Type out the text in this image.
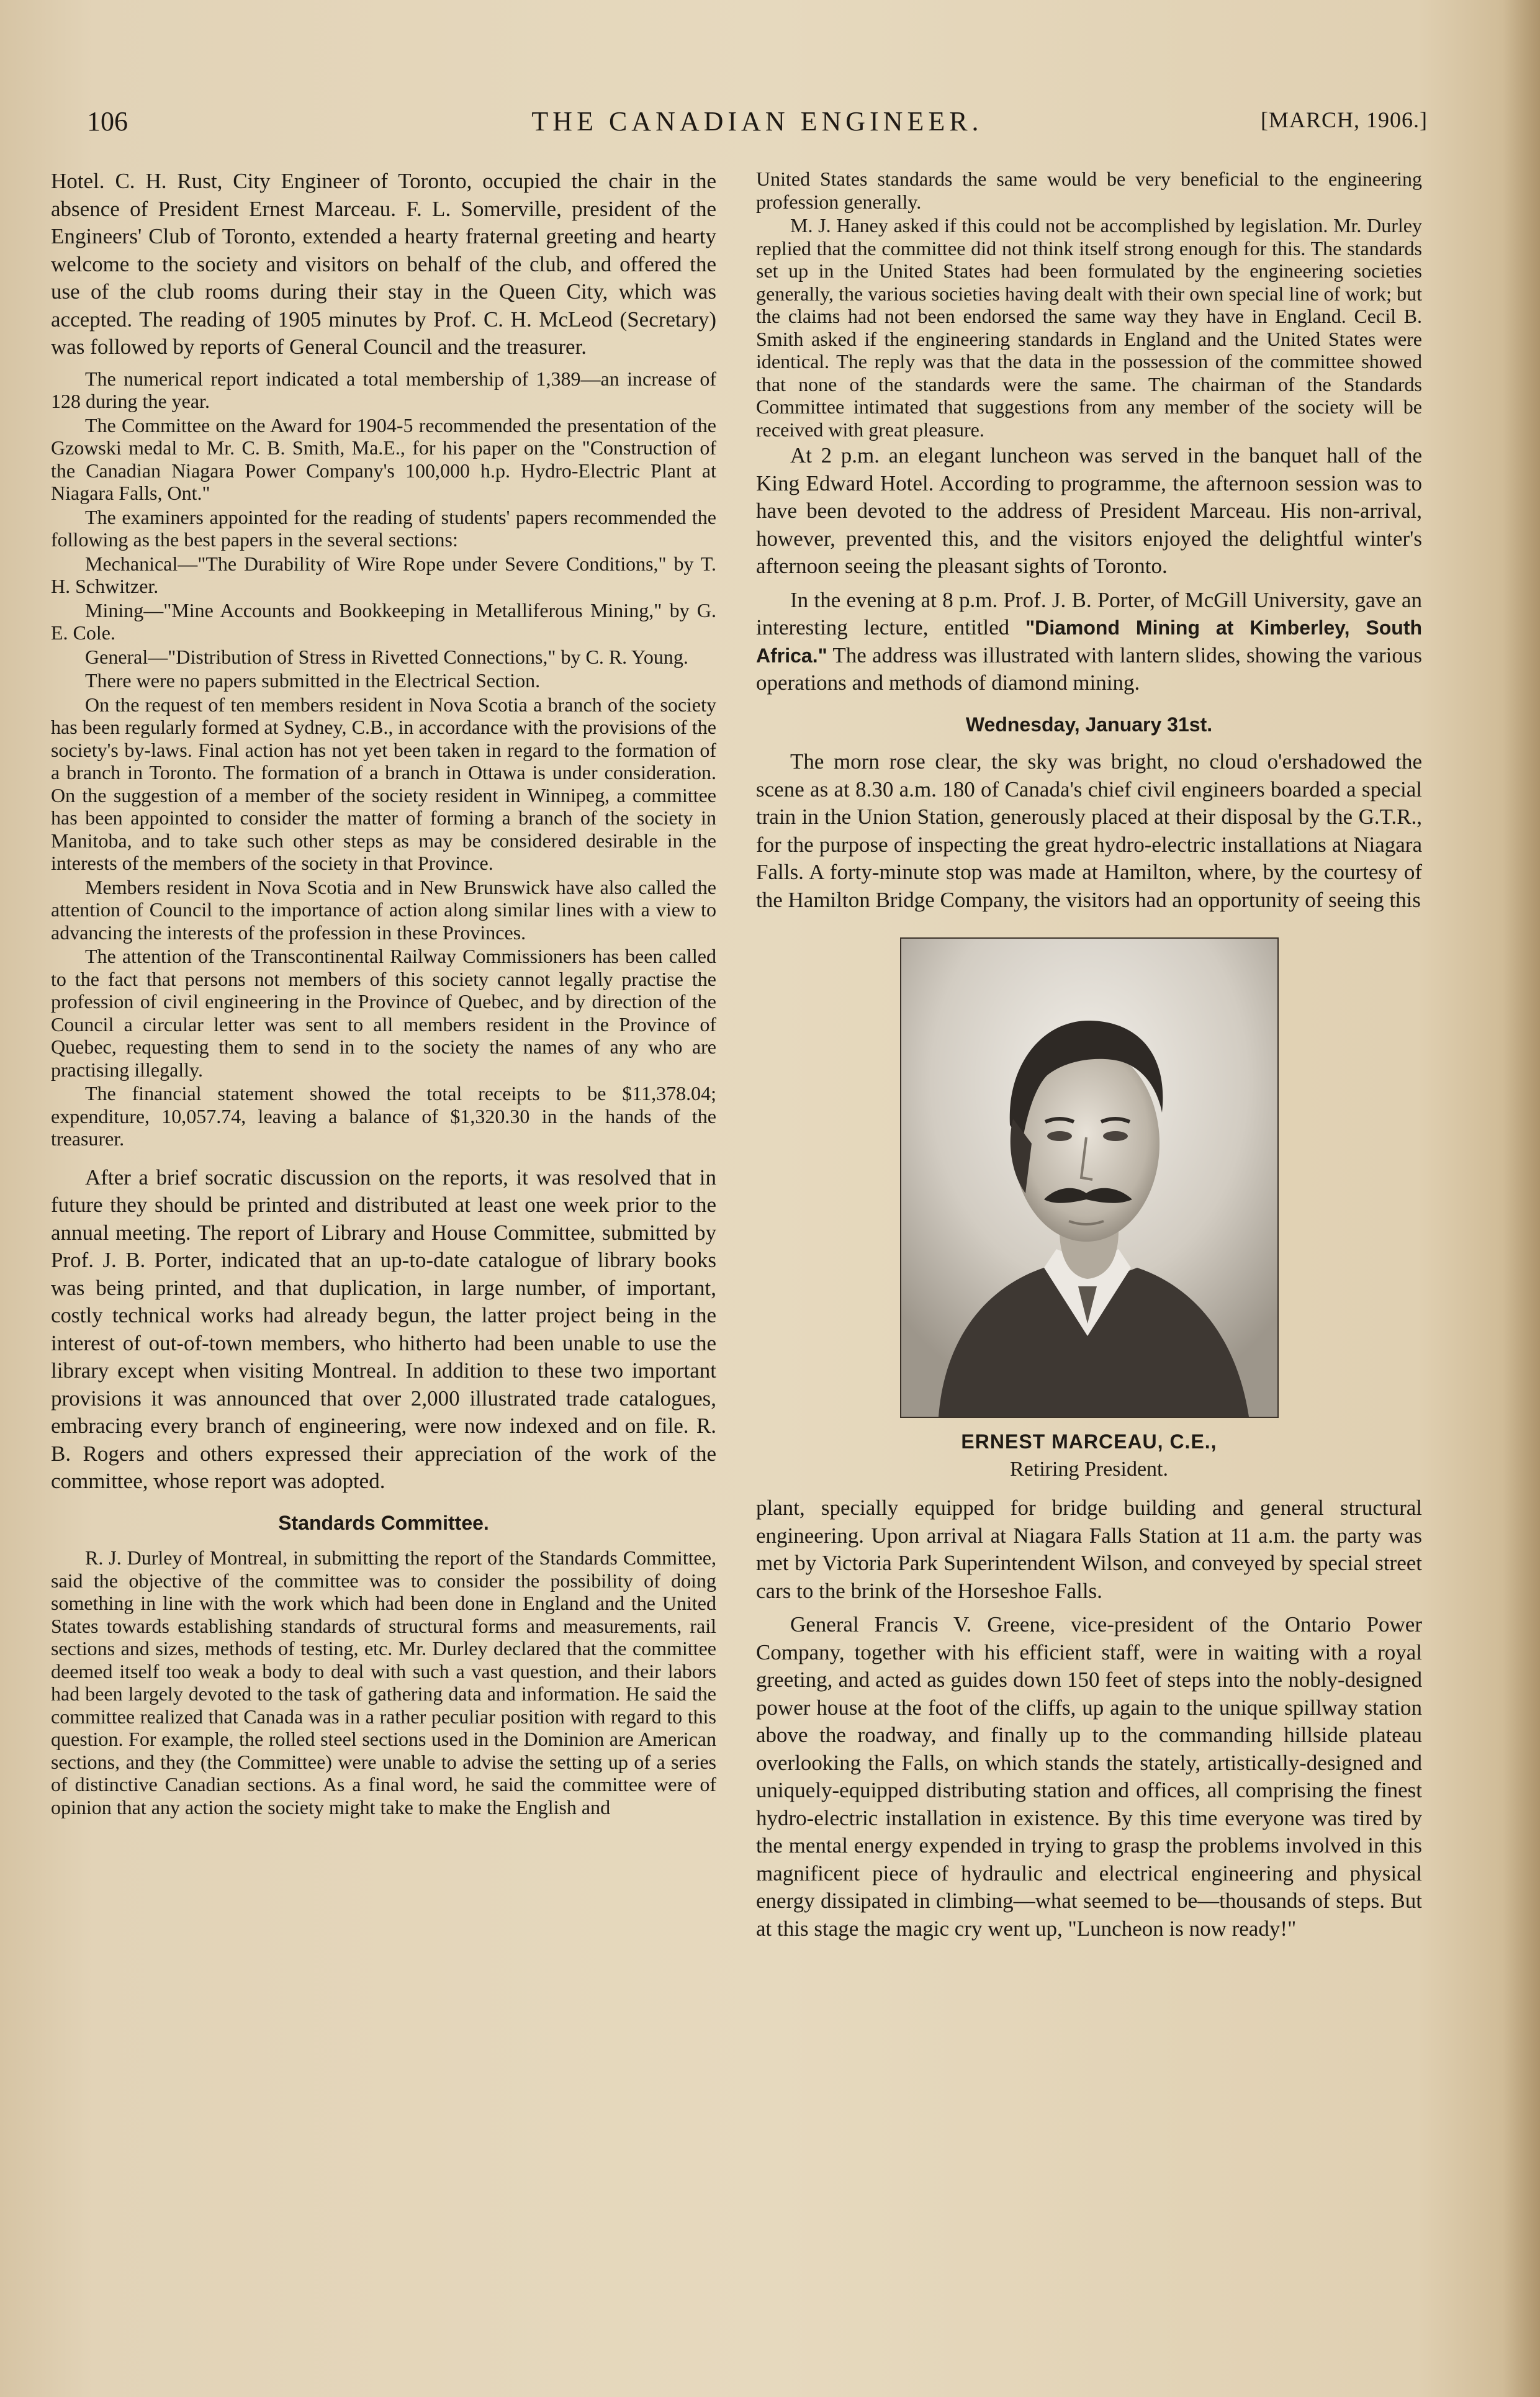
106	THE CANADIAN ENGINEER.	[MARCH, 1906.]

Hotel. C. H. Rust, City Engineer of Toronto, occupied the chair in the absence of President Ernest Marceau. F. L. Somerville, president of the Engineers' Club of Toronto, extended a hearty fraternal greeting and hearty welcome to the society and visitors on behalf of the club, and offered the use of the club rooms during their stay in the Queen City, which was accepted. The reading of 1905 minutes by Prof. C. H. McLeod (Secretary) was followed by reports of General Council and the treasurer.

The numerical report indicated a total membership of 1,389—an increase of 128 during the year.

The Committee on the Award for 1904-5 recommended the presentation of the Gzowski medal to Mr. C. B. Smith, Ma.E., for his paper on the "Construction of the Canadian Niagara Power Company's 100,000 h.p. Hydro-Electric Plant at Niagara Falls, Ont."

The examiners appointed for the reading of students' papers recommended the following as the best papers in the several sections:

Mechanical—"The Durability of Wire Rope under Severe Conditions," by T. H. Schwitzer.

Mining—"Mine Accounts and Bookkeeping in Metalliferous Mining," by G. E. Cole.

General—"Distribution of Stress in Rivetted Connections," by C. R. Young.

There were no papers submitted in the Electrical Section.

On the request of ten members resident in Nova Scotia a branch of the society has been regularly formed at Sydney, C.B., in accordance with the provisions of the society's by-laws. Final action has not yet been taken in regard to the formation of a branch in Toronto. The formation of a branch in Ottawa is under consideration. On the suggestion of a member of the society resident in Winnipeg, a committee has been appointed to consider the matter of forming a branch of the society in Manitoba, and to take such other steps as may be considered desirable in the interests of the members of the society in that Province.

Members resident in Nova Scotia and in New Brunswick have also called the attention of Council to the importance of action along similar lines with a view to advancing the interests of the profession in these Provinces.

The attention of the Transcontinental Railway Commissioners has been called to the fact that persons not members of this society cannot legally practise the profession of civil engineering in the Province of Quebec, and by direction of the Council a circular letter was sent to all members resident in the Province of Quebec, requesting them to send in to the society the names of any who are practising illegally.

The financial statement showed the total receipts to be $11,378.04; expenditure, 10,057.74, leaving a balance of $1,320.30 in the hands of the treasurer.

After a brief socratic discussion on the reports, it was resolved that in future they should be printed and distributed at least one week prior to the annual meeting. The report of Library and House Committee, submitted by Prof. J. B. Porter, indicated that an up-to-date catalogue of library books was being printed, and that duplication, in large number, of important, costly technical works had already begun, the latter project being in the interest of out-of-town members, who hitherto had been unable to use the library except when visiting Montreal. In addition to these two important provisions it was announced that over 2,000 illustrated trade catalogues, embracing every branch of engineering, were now indexed and on file. R. B. Rogers and others expressed their appreciation of the work of the committee, whose report was adopted.

Standards Committee.

R. J. Durley of Montreal, in submitting the report of the Standards Committee, said the objective of the committee was to consider the possibility of doing something in line with the work which had been done in England and the United States towards establishing standards of structural forms and measurements, rail sections and sizes, methods of testing, etc. Mr. Durley declared that the committee deemed itself too weak a body to deal with such a vast question, and their labors had been largely devoted to the task of gathering data and information. He said the committee realized that Canada was in a rather peculiar position with regard to this question. For example, the rolled steel sections used in the Dominion are American sections, and they (the Committee) were unable to advise the setting up of a series of distinctive Canadian sections. As a final word, he said the committee were of opinion that any action the society might take to make the English and

United States standards the same would be very beneficial to the engineering profession generally.

M. J. Haney asked if this could not be accomplished by legislation. Mr. Durley replied that the committee did not think itself strong enough for this. The standards set up in the United States had been formulated by the engineering societies generally, the various societies having dealt with their own special line of work; but the claims had not been endorsed the same way they have in England. Cecil B. Smith asked if the engineering standards in England and the United States were identical. The reply was that the data in the possession of the committee showed that none of the standards were the same. The chairman of the Standards Committee intimated that suggestions from any member of the society will be received with great pleasure.

At 2 p.m. an elegant luncheon was served in the banquet hall of the King Edward Hotel. According to programme, the afternoon session was to have been devoted to the address of President Marceau. His non-arrival, however, prevented this, and the visitors enjoyed the delightful winter's afternoon seeing the pleasant sights of Toronto.

In the evening at 8 p.m. Prof. J. B. Porter, of McGill University, gave an interesting lecture, entitled "Diamond Mining at Kimberley, South Africa." The address was illustrated with lantern slides, showing the various operations and methods of diamond mining.

Wednesday, January 31st.

The morn rose clear, the sky was bright, no cloud o'ershadowed the scene as at 8.30 a.m. 180 of Canada's chief civil engineers boarded a special train in the Union Station, generously placed at their disposal by the G.T.R., for the purpose of inspecting the great hydro-electric installations at Niagara Falls. A forty-minute stop was made at Hamilton, where, by the courtesy of the Hamilton Bridge Company, the visitors had an opportunity of seeing this

ERNEST MARCEAU, C.E.,
Retiring President.

plant, specially equipped for bridge building and general structural engineering. Upon arrival at Niagara Falls Station at 11 a.m. the party was met by Victoria Park Superintendent Wilson, and conveyed by special street cars to the brink of the Horseshoe Falls.

General Francis V. Greene, vice-president of the Ontario Power Company, together with his efficient staff, were in waiting with a royal greeting, and acted as guides down 150 feet of steps into the nobly-designed power house at the foot of the cliffs, up again to the unique spillway station above the roadway, and finally up to the commanding hillside plateau overlooking the Falls, on which stands the stately, artistically-designed and uniquely-equipped distributing station and offices, all comprising the finest hydro-electric installation in existence. By this time everyone was tired by the mental energy expended in trying to grasp the problems involved in this magnificent piece of hydraulic and electrical engineering and physical energy dissipated in climbing—what seemed to be—thousands of steps. But at this stage the magic cry went up, "Luncheon is now ready!"
